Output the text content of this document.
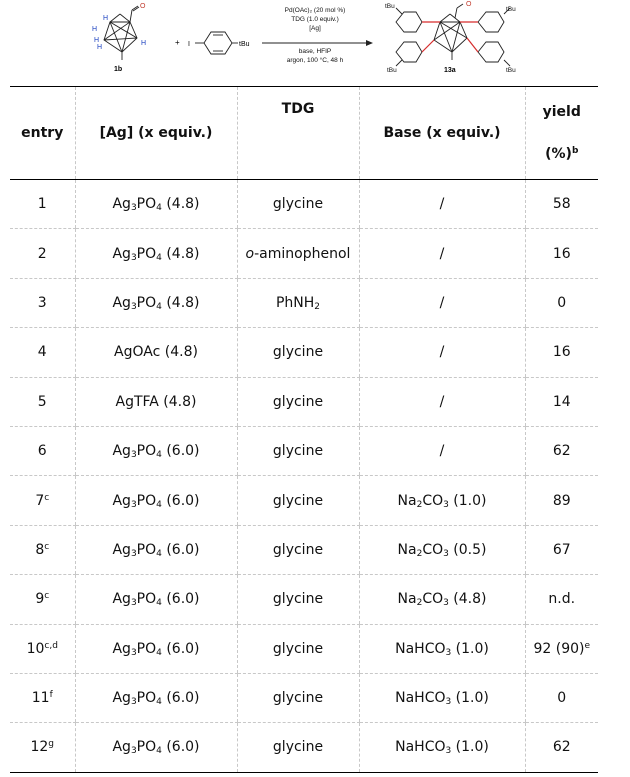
H
H
H
H
H
O
1b
+ I	tBu
Pd(OAc)₂ (20 mol %)
TDG (1.0 equiv.)
[Ag]
base, HFIP
argon, 100 °C, 48 h
O
tBu	tBu
tBu	tBu
13a
entry	[Ag] (x equiv.)	TDG	Base (x equiv.)	yield
(%)$^b$

1	$Ag_3PO_4$ (4.8)	glycine	/	58
2	$Ag_3PO_4$ (4.8)	o-aminophenol	/	16
3	$Ag_3PO_4$ (4.8)	PhNH$_2$	/	0
4	AgOAc (4.8)	glycine	/	16
5	AgTFA (4.8)	glycine	/	14
6	$Ag_3PO_4$ (6.0)	glycine	/	62
7$^c$	$Ag_3PO_4$ (6.0)	glycine	$Na_2CO_3$ (1.0)	89
8$^c$	$Ag_3PO_4$ (6.0)	glycine	$Na_2CO_3$ (0.5)	67
9$^c$	$Ag_3PO_4$ (6.0)	glycine	$Na_2CO_3$ (4.8)	n.d.
10$^{c,d}$	$Ag_3PO_4$ (6.0)	glycine	NaHCO$_3$ (1.0)	92 $(90)^e$
11$^f$	$Ag_3PO_4$ (6.0)	glycine	NaHCO$_3$ (1.0)	0
12$^g$	$Ag_3PO_4$ (6.0)	glycine	NaHCO$_3$ (1.0)	62
